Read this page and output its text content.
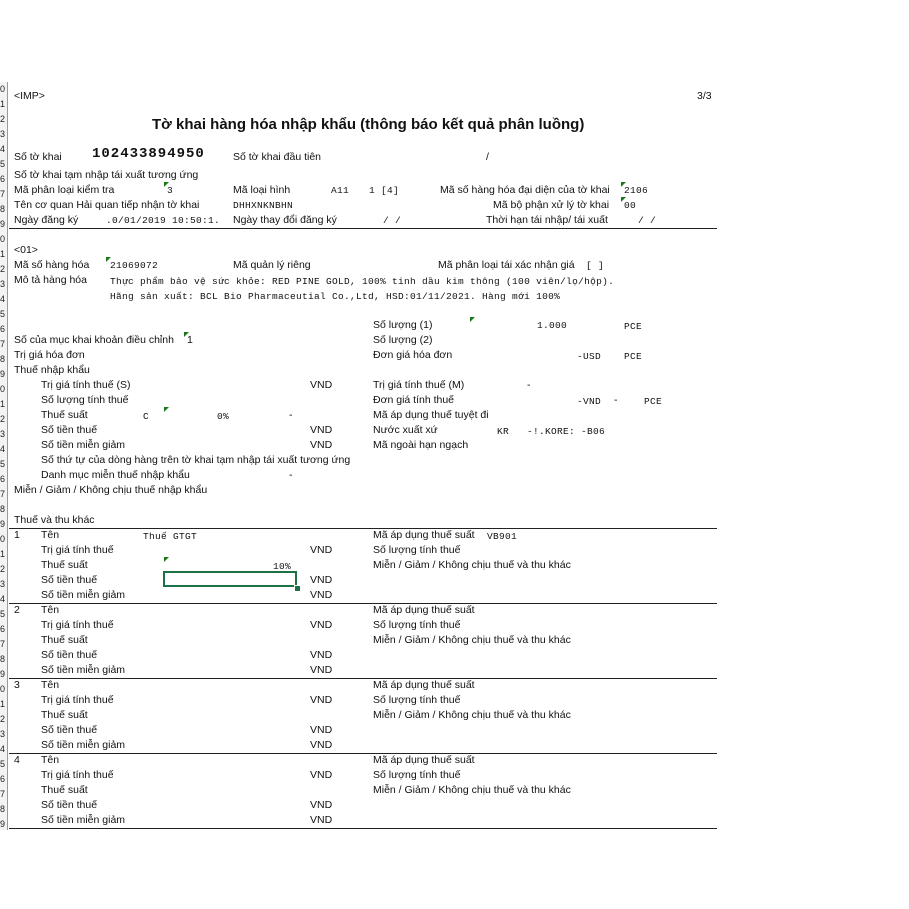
0
1
2
3
4
5
6
7
8
9
0
1
2
3
4
5
6
7
8
9
0
1
2
3
4
5
6
7
8
9
0
1
2
3
4
5
6
7
8
9
0
1
2
3
4
5
6
7
8
9
<IMP>	3/3
Tờ khai hàng hóa nhập khẩu (thông báo kết quả phân luồng)
Số tờ khai 102433894950	Số tờ khai đầu tiên	/
Số tờ khai tạm nhập tái xuất tương ứng
Mã phân loại kiểm tra	3	Mã loại hình	A11 1 [4]	Mã số hàng hóa đại diện của tờ khai 2106
Tên cơ quan Hải quan tiếp nhận tờ khai	DHHXNKNBHN	Mã bộ phận xử lý tờ khai 00
Ngày đăng ký	.0/01/2019 10:50:1. Ngày thay đổi đăng ký	/ /	Thời hạn tái nhập/ tái xuất	/ /
<01>
Mã số hàng hóa 21069072	Mã quản lý riêng	Mã phân loại tái xác nhận giá [ ]
Mô tả hàng hóa Thực phẩm bảo vệ sức khỏe: RED PINE GOLD, 100% tinh dầu kim thông (100 viên/lọ/hộp).
Hãng sản xuất: BCL Bio Pharmaceutial Co.,Ltd, HSD:01/11/2021. Hàng mới 100%
Số lượng (1)	1.000	PCE
Số của mục khai khoản điều chỉnh 1	Số lượng (2)
Trị giá hóa đơn	Đơn giá hóa đơn	-USD PCE
Thuế nhập khẩu
Trị giá tính thuế (S)	VND	Trị giá tính thuế (M)	-
Số lượng tính thuế	Đơn giá tính thuế	-VND -	PCE
Thuế suất	C	0%	-	Mã áp dụng thuế tuyệt đi
Số tiền thuế	VND	Nước xuất xứ	KR -!.KORE: -B06
Số tiền miễn giảm	VND	Mã ngoài hạn ngạch
Số thứ tự của dòng hàng trên tờ khai tạm nhập tái xuất tương ứng
Danh mục miễn thuế nhập khẩu	-
Miễn / Giảm / Không chịu thuế nhập khẩu
Thuế và thu khác
1 Tên	Thuế GTGT	Mã áp dụng thuế suất VB901
Trị giá tính thuế	VND	Số lượng tính thuế
Thuế suất	10%	Miễn / Giảm / Không chịu thuế và thu khác
Số tiền thuế	VND
Số tiền miễn giảm	VND
2 Tên	Mã áp dụng thuế suất
Trị giá tính thuế	VND	Số lượng tính thuế
Thuế suất	Miễn / Giảm / Không chịu thuế và thu khác
Số tiền thuế	VND
Số tiền miễn giảm	VND
3 Tên	Mã áp dụng thuế suất
Trị giá tính thuế	VND	Số lượng tính thuế
Thuế suất	Miễn / Giảm / Không chịu thuế và thu khác
Số tiền thuế	VND
Số tiền miễn giảm	VND
4 Tên	Mã áp dụng thuế suất
Trị giá tính thuế	VND	Số lượng tính thuế
Thuế suất	Miễn / Giảm / Không chịu thuế và thu khác
Số tiền thuế	VND
Số tiền miễn giảm	VND
